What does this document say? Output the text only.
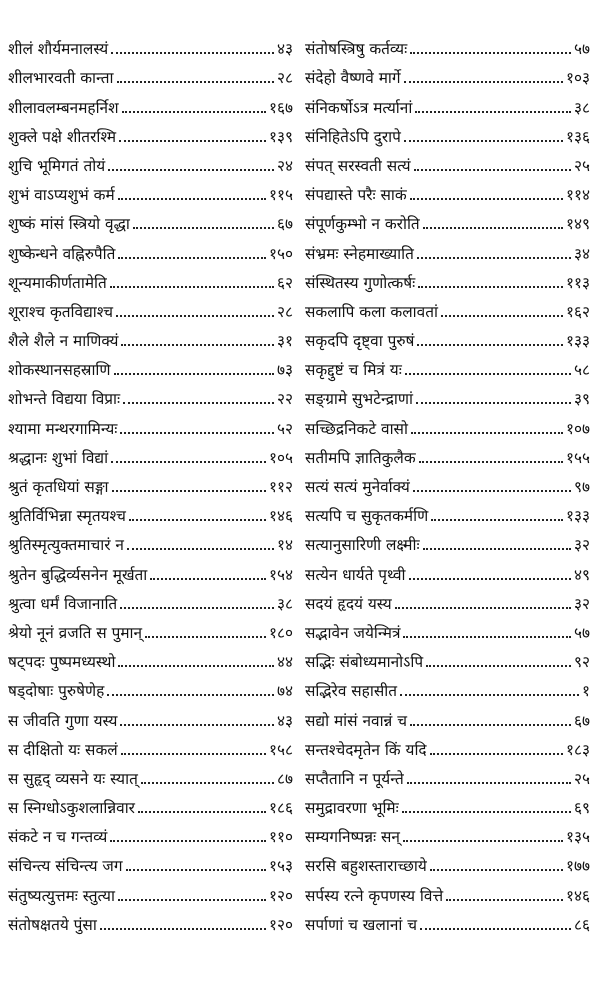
शीलं शौर्यमनालस्यं	४३
शीलभारवती कान्ता	२८
शीलावलम्बनमहर्निश	१६७
शुक्ले पक्षे शीतरश्मि	१३९
शुचि भूमिगतं तोयं	२४
शुभं वाऽप्यशुभं कर्म	११५
शुष्कं मांसं स्त्रियो वृद्धा	६७
शुष्केन्धने वह्निरुपैति	१५०
शून्यमाकीर्णतामेति	६२
शूराश्च कृतविद्याश्च	२८
शैले शैले न माणिक्यं	३१
शोकस्थानसहस्राणि	७३
शोभन्ते विद्यया विप्राः	२२
श्यामा मन्थरगामिन्यः	५२
श्रद्धानः शुभां विद्यां	१०५
श्रुतं कृतधियां सङ्गा	११२
श्रुतिर्विभिन्ना स्मृतयश्च	१४६
श्रुतिस्मृत्युक्तमाचारं न	१४
श्रुतेन बुद्धिर्व्यसनेन मूर्खता	१५४
श्रुत्वा धर्मं विजानाति	३८
श्रेयो नूनं व्रजति स पुमान्	१८०
षट्पदः पुष्पमध्यस्थो	४४
षड्दोषाः पुरुषेणेह	७४
स जीवति गुणा यस्य	४३
स दीक्षितो यः सकलं	१५८
स सुहृद् व्यसने यः स्यात्	८७
स स्निग्धोऽकुशलान्निवार	१८६
संकटे न च गन्तव्यं	११०
संचिन्त्य संचिन्त्य जग	१५३
संतुष्यत्युत्तमः स्तुत्या	१२०
संतोषक्षतये पुंसा	१२०
संतोषस्त्रिषु कर्तव्यः	५७
संदेहो वैष्णवे मार्गे	१०३
संनिकर्षोऽत्र मर्त्यानां	३८
संनिहितेऽपि दुरापे	१३६
संपत् सरस्वती सत्यं	२५
संपद्यास्ते परैः साकं	११४
संपूर्णकुम्भो न करोति	१४९
संभ्रमः स्नेहमाख्याति	३४
संस्थितस्य गुणोत्कर्षः	११३
सकलापि कला कलावतां	१६२
सकृदपि दृष्ट्वा पुरुषं	१३३
सकृद्दुष्टं च मित्रं यः	५८
सङ्ग्रामे सुभटेन्द्राणां	३९
सच्छिद्रनिकटे वासो	१०७
सतीमपि ज्ञातिकुलैक	१५५
सत्यं सत्यं मुनेर्वाक्यं	९७
सत्यपि च सुकृतकर्मणि	१३३
सत्यानुसारिणी लक्ष्मीः	३२
सत्येन धार्यते पृथ्वी	४९
सदयं हृदयं यस्य	३२
सद्भावेन जयेन्मित्रं	५७
सद्भिः संबोध्यमानोऽपि	९२
सद्भिरेव सहासीत	१
सद्यो मांसं नवान्नं च	६७
सन्तश्चेदमृतेन किं यदि	१८३
सप्तैतानि न पूर्यन्ते	२५
समुद्रावरणा भूमिः	६९
सम्यगनिष्पन्नः सन्	१३५
सरसि बहुशस्ताराच्छाये	१७७
सर्पस्य रत्ने कृपणस्य वित्ते	१४६
सर्पाणां च खलानां च	८६
